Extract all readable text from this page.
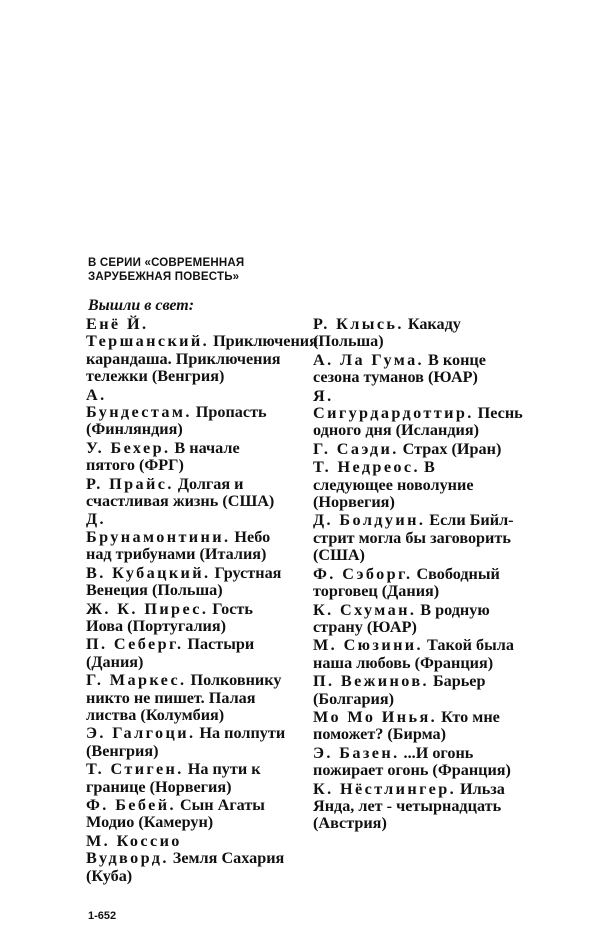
В СЕРИИ «СОВРЕМЕННАЯ ЗАРУБЕЖНАЯ ПОВЕСТЬ»
Вышли в свет:
Енё Й. Тершанский. Приключения карандаша. Приключения тележки (Венгрия)
А. Бундестам. Пропасть (Финляндия)
У. Бехер. В начале пятого (ФРГ)
Р. Прайс. Долгая и счастливая жизнь (США)
Д. Брунамонтини. Небо над трибунами (Италия)
В. Кубацкий. Грустная Венеция (Польша)
Ж. К. Пирес. Гость Иова (Португалия)
П. Себерг. Пастыри (Дания)
Г. Маркес. Полковнику никто не пишет. Палая листва (Колумбия)
Э. Галгоци. На полпути (Венгрия)
Т. Стиген. На пути к границе (Норвегия)
Ф. Бебей. Сын Агаты Модио (Камерун)
М. Коссио Вудворд. Земля Сахария (Куба)
Р. Клысь. Какаду (Польша)
А. Ла Гума. В конце сезона туманов (ЮАР)
Я. Сигурдардоттир. Песнь одного дня (Исландия)
Г. Саэди. Страх (Иран)
Т. Недреос. В следующее новолуние (Норвегия)
Д. Болдуин. Если Бийл-стрит могла бы заговорить (США)
Ф. Сэборг. Свободный торговец (Дания)
К. Схуман. В родную страну (ЮАР)
М. Сюзини. Такой была наша любовь (Франция)
П. Вежинов. Барьер (Болгария)
Мо Мо Инья. Кто мне поможет? (Бирма)
Э. Базен. ...И огонь пожирает огонь (Франция)
К. Нёстлингер. Ильза Янда, лет - четырнадцать (Австрия)
1-652
